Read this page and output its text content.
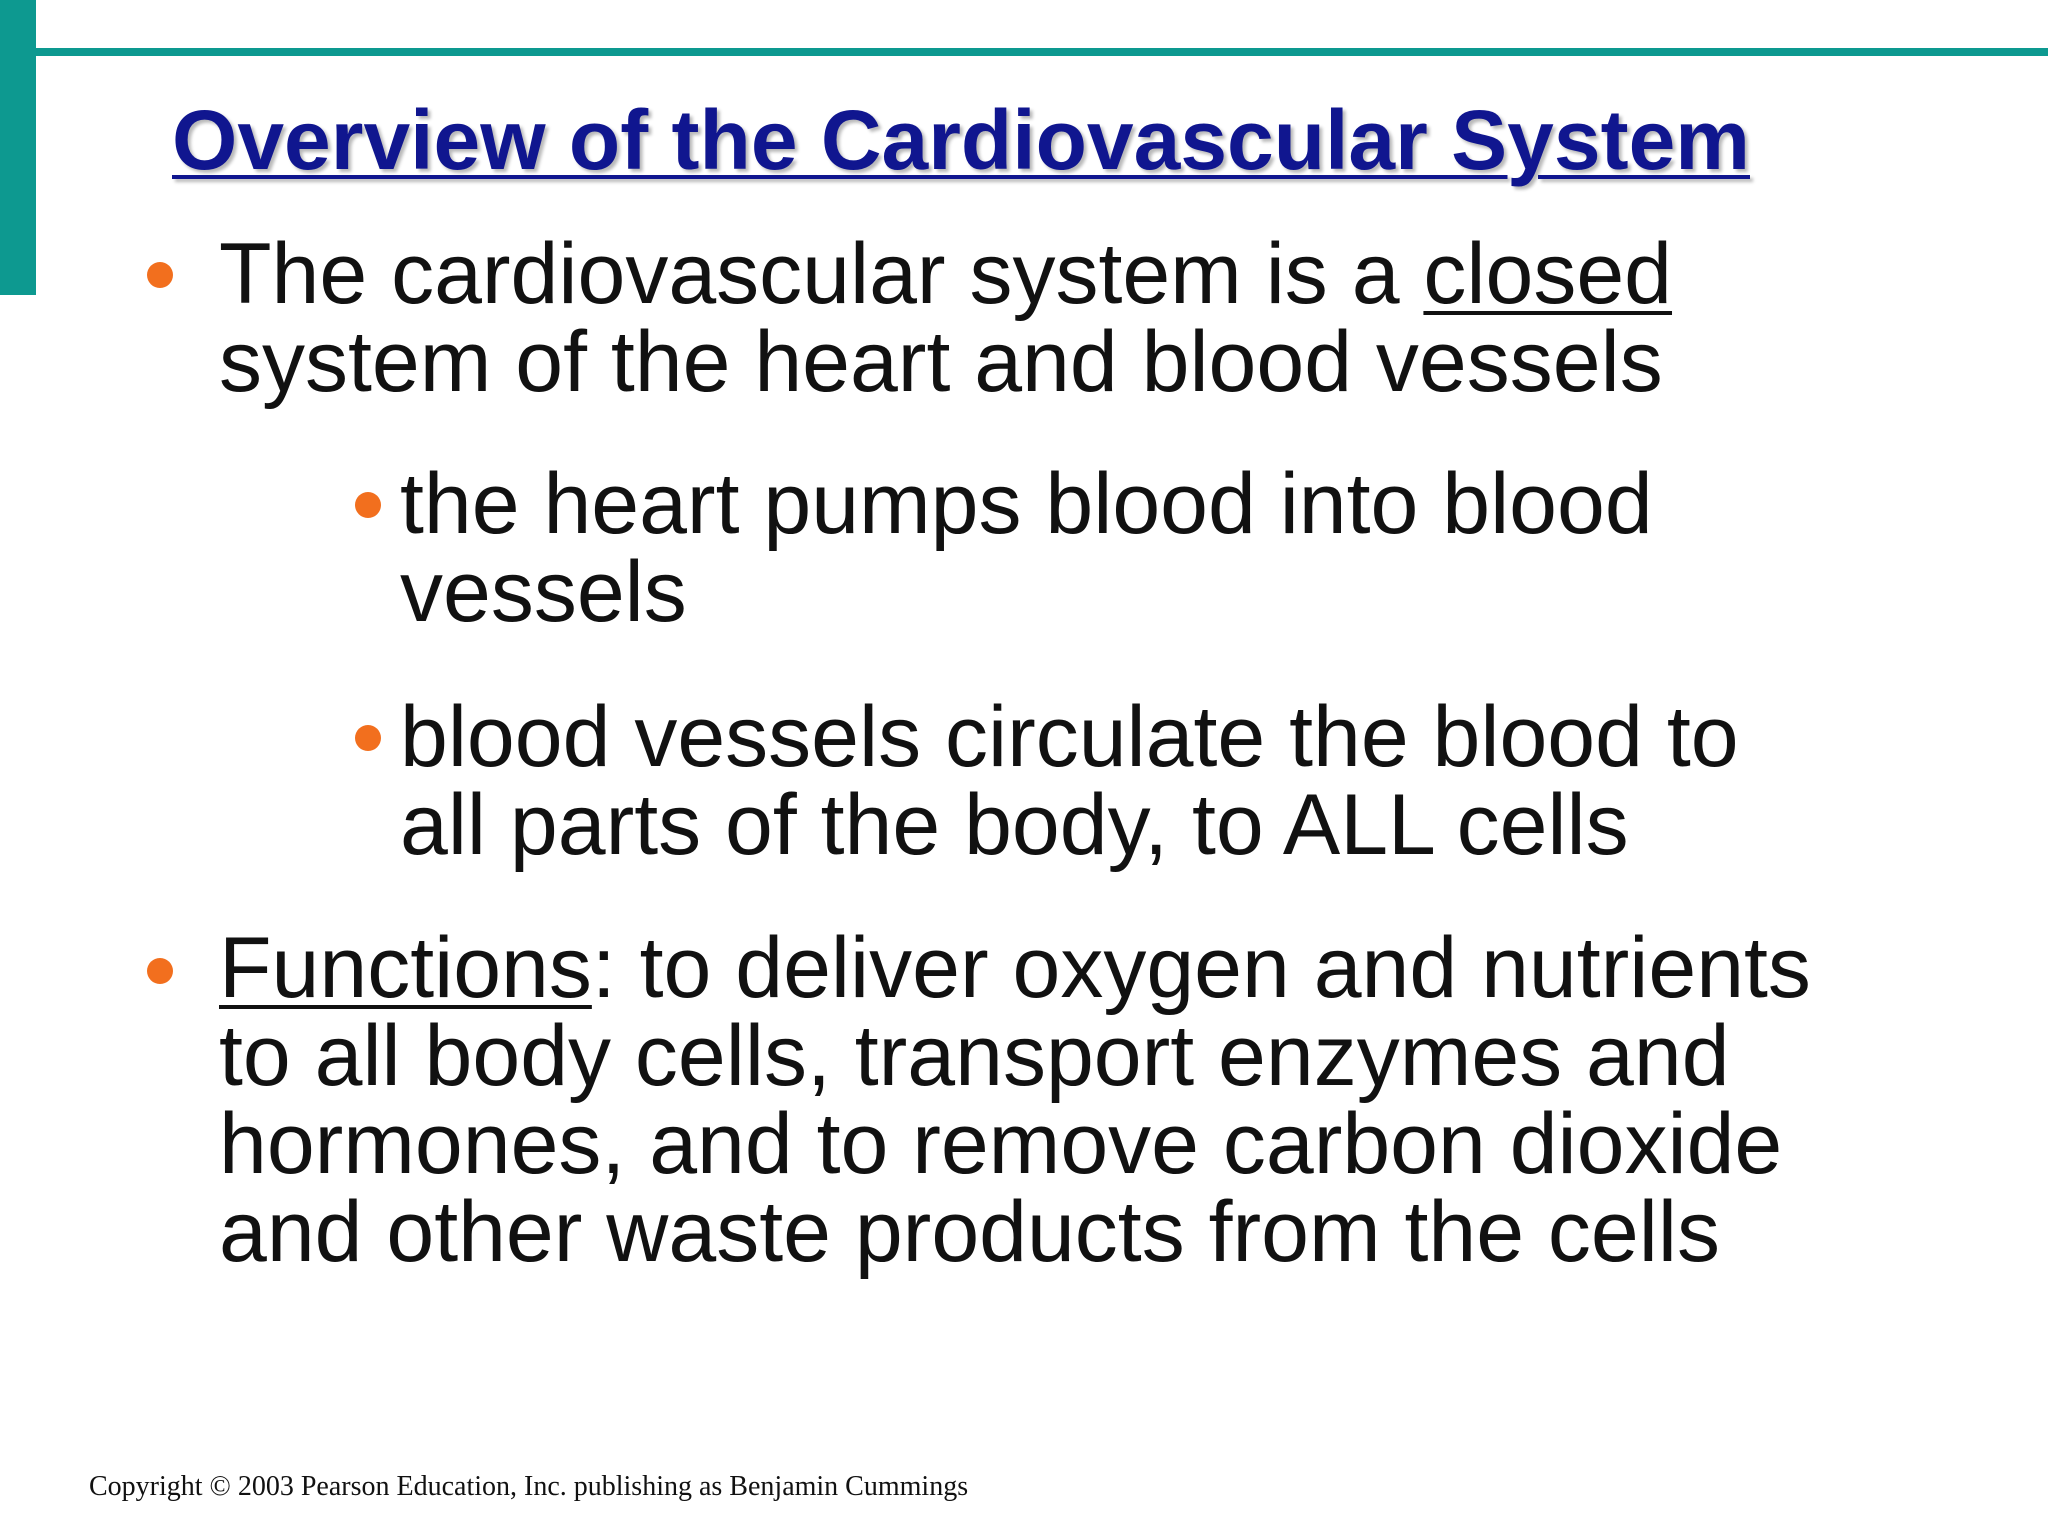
Overview of the Cardiovascular System
The cardiovascular system is a closed
system of the heart and blood vessels
the heart pumps blood into blood
vessels
blood vessels circulate the blood to
all parts of the body, to ALL cells
Functions: to deliver oxygen and nutrients
to all body cells, transport enzymes and
hormones, and to remove carbon dioxide
and other waste products from the cells

Copyright © 2003 Pearson Education, Inc. publishing as Benjamin Cummings
